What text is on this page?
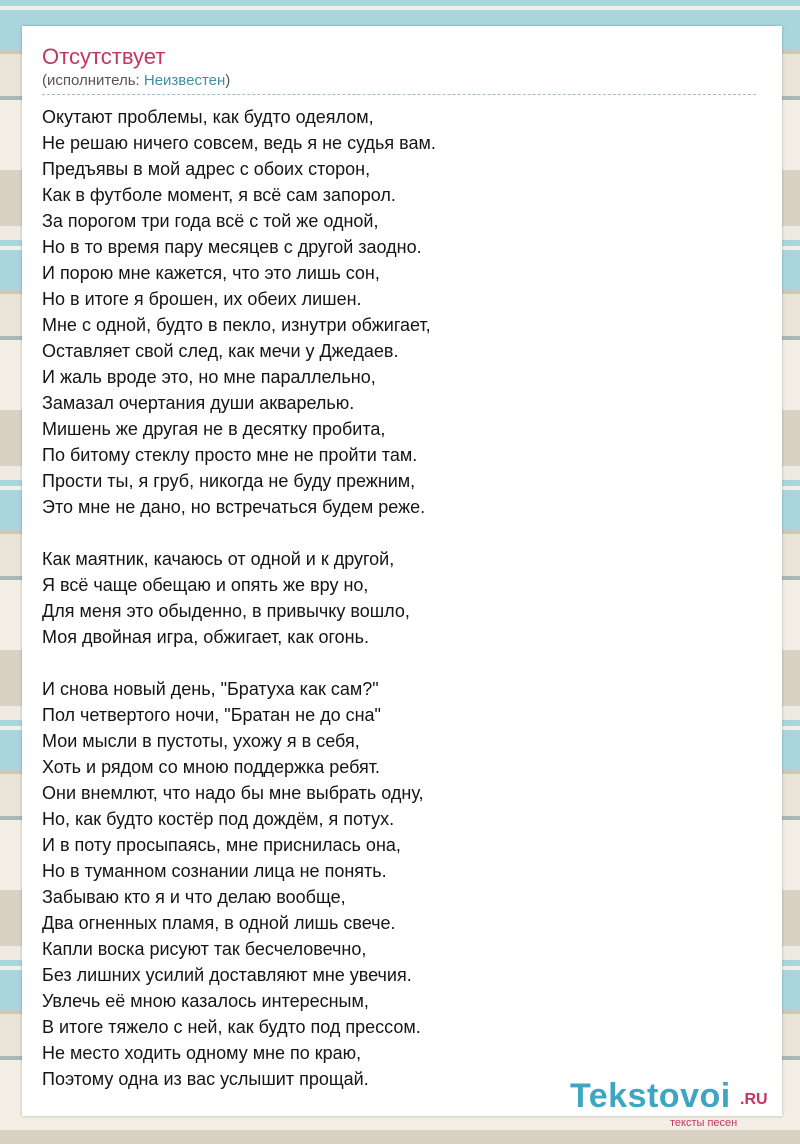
Отсутствует
(исполнитель: Неизвестен)
Окутают проблемы, как будто одеялом,
Не решаю ничего совсем, ведь я не судья вам.
Предъявы в мой адрес с обоих сторон,
Как в футболе момент, я всё сам запорол.
За порогом три года всё с той же одной,
Но в то время пару месяцев с другой заодно.
И порою мне кажется, что это лишь сон,
Но в итоге я брошен, их обеих лишен.
Мне с одной, будто в пекло, изнутри обжигает,
Оставляет свой след, как мечи у Джедаев.
И жаль вроде это, но мне параллельно,
Замазал очертания души акварелью.
Мишень же другая не в десятку пробита,
По битому стеклу просто мне не пройти там.
Прости ты, я груб, никогда не буду прежним,
Это мне не дано, но встречаться будем реже.
Как маятник, качаюсь от одной и к другой,
Я всё чаще обещаю и опять же вру но,
Для меня это обыденно, в привычку вошло,
Моя двойная игра, обжигает, как огонь.
И снова новый день, "Братуха как сам?"
Пол четвертого ночи, "Братан не до сна"
Мои мысли в пустоты, ухожу я в себя,
Хоть и рядом со мною поддержка ребят.
Они внемлют, что надо бы мне выбрать одну,
Но, как будто костёр под дождём, я потух.
И в поту просыпаясь, мне приснилась она,
Но в туманном сознании лица не понять.
Забываю кто я и что делаю вообще,
Два огненных пламя, в одной лишь свече.
Капли воска рисуют так бесчеловечно,
Без лишних усилий доставляют мне увечия.
Увлечь её мною казалось интересным,
В итоге тяжело с ней, как будто под прессом.
Не место ходить одному мне по краю,
Поэтому одна из вас услышит прощай.	Tekstovoi .RU
тексты песен
